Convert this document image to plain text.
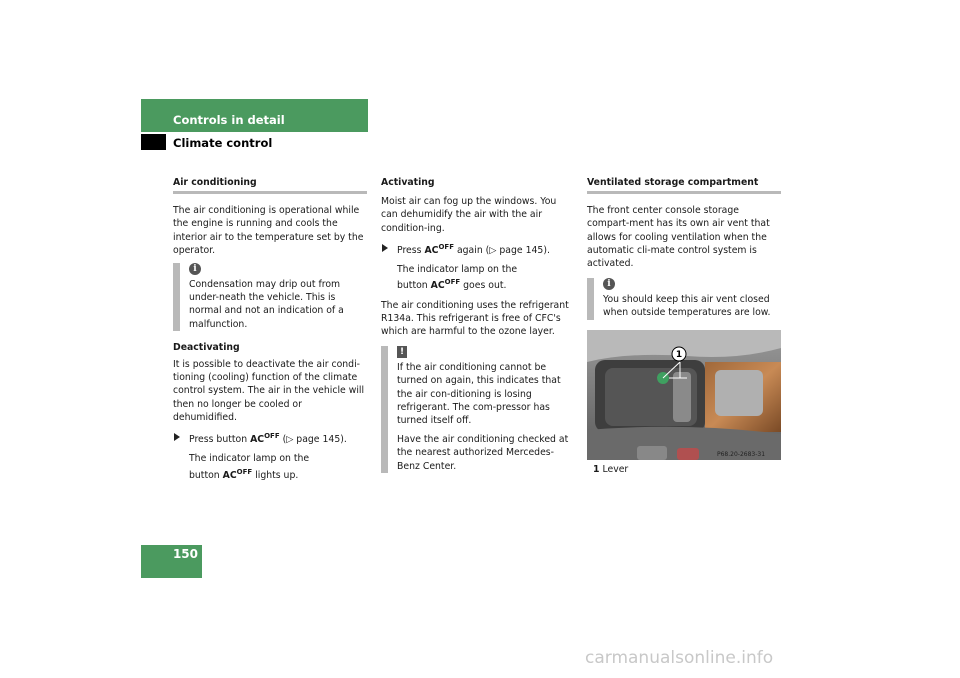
Controls in detail
Climate control
Air conditioning

The air conditioning is operational while the engine is running and cools the interior air to the temperature set by the operator.

i
Condensation may drip out from under-neath the vehicle. This is normal and not an indication of a malfunction.

Deactivating

It is possible to deactivate the air condi-tioning (cooling) function of the climate control system. The air in the vehicle will then no longer be cooled or dehumidified.

Press button $AC^{OFF}$ (▷ page 145).
The indicator lamp on the
button $AC^{OFF}$ lights up.

Activating

Moist air can fog up the windows. You can dehumidify the air with the air condition-ing.

Press $AC^{OFF}$ again (▷ page 145).
The indicator lamp on the
button $AC^{OFF}$ goes out.

The air conditioning uses the refrigerant R134a. This refrigerant is free of CFC's which are harmful to the ozone layer.

!

If the air conditioning cannot be turned on again, this indicates that the air con-ditioning is losing refrigerant. The com-pressor has turned itself off.

Have the air conditioning checked at the nearest authorized Mercedes-Benz Center.

Ventilated storage compartment

The front center console storage compart-ment has its own air vent that allows for cooling ventilation when the automatic cli-mate control system is activated.

i
You should keep this air vent closed when outside temperatures are low.
1
P68.20-2683-31
1 Lever
150
carmanualsonline.info
